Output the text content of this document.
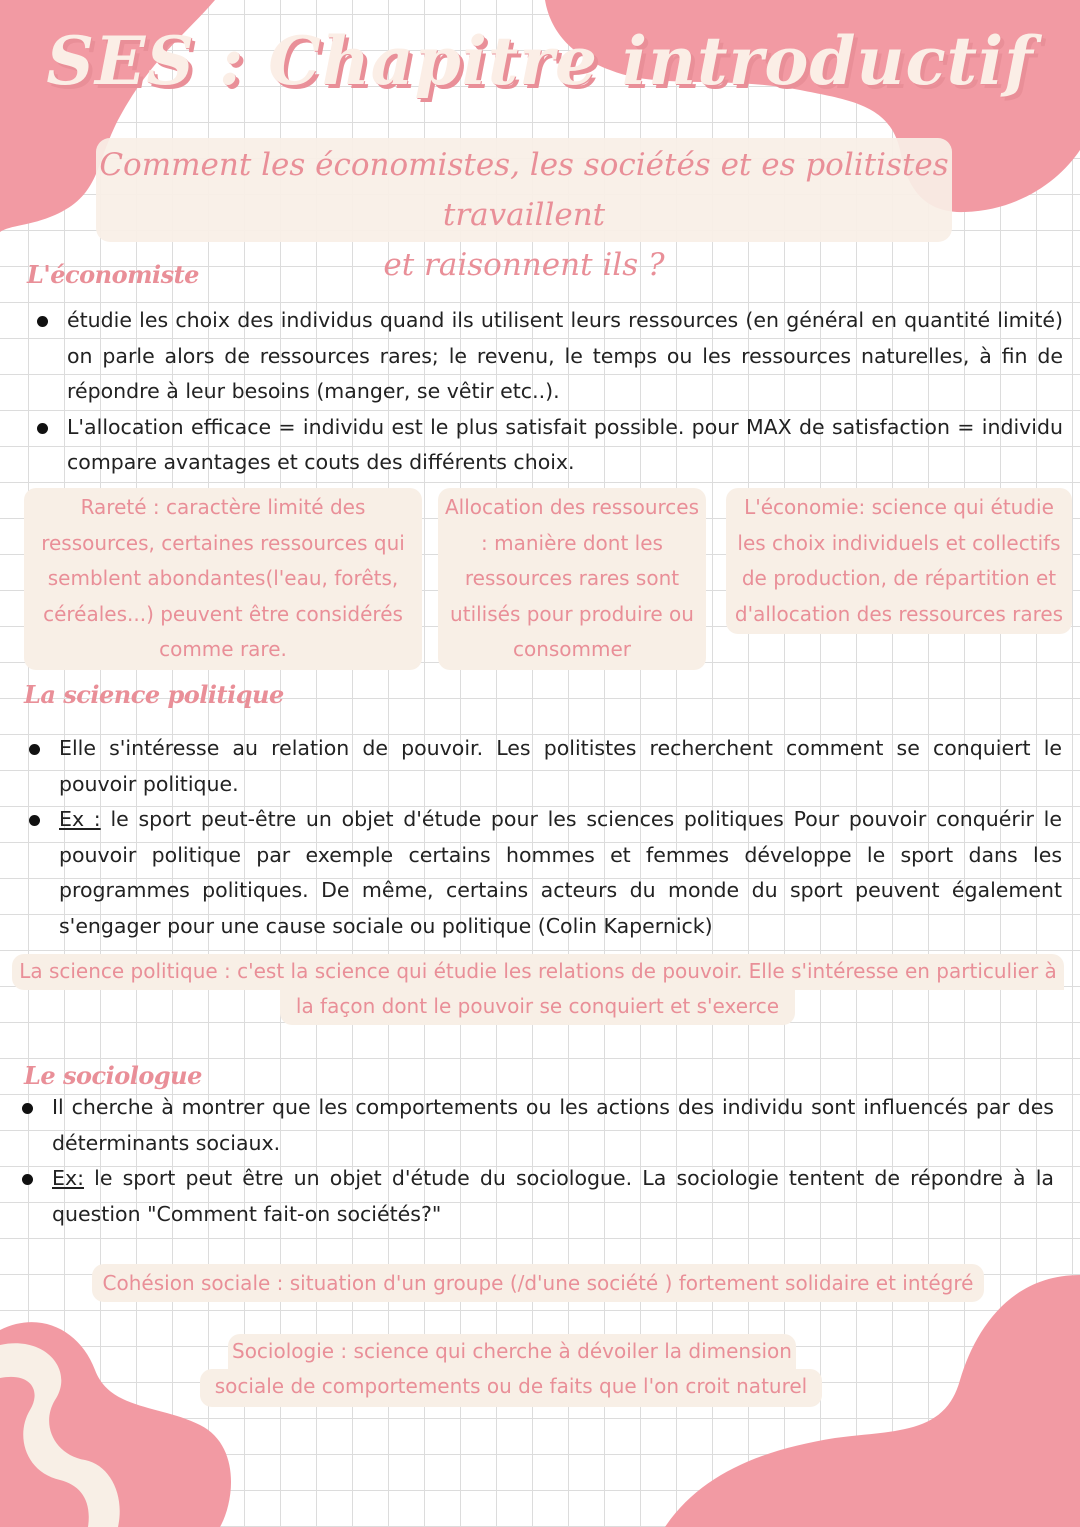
SES : Chapitre introductif
Comment les économistes, les sociétés et es politistes travaillent
et raisonnent ils ?
L'économiste
étudie les choix des individus quand ils utilisent leurs ressources (en général en quantité limité) on parle alors de ressources rares; le revenu, le temps ou les ressources naturelles, à fin de répondre à leur besoins (manger, se vêtir etc..).
L'allocation efficace = individu est le plus satisfait possible. pour MAX de satisfaction = individu compare avantages et couts des différents choix.
Rareté : caractère limité des ressources, certaines ressources qui semblent abondantes(l'eau, forêts, céréales...) peuvent être considérés comme rare.
Allocation des ressources : manière dont les ressources rares sont utilisés pour produire ou consommer
L'économie: science qui étudie les choix individuels et collectifs de production, de répartition et d'allocation des ressources rares
La science politique
Elle s'intéresse au relation de pouvoir. Les politistes recherchent comment se conquiert le pouvoir politique.
Ex : le sport peut-être un objet d'étude pour les sciences politiques Pour pouvoir conquérir le pouvoir politique par exemple certains hommes et femmes développe le sport dans les programmes politiques. De même, certains acteurs du monde du sport peuvent également s'engager pour une cause sociale ou politique (Colin Kapernick)
La science politique : c'est la science qui étudie les relations de pouvoir. Elle s'intéresse en particulier à
la façon dont le pouvoir se conquiert et s'exerce
Le sociologue
Il cherche à montrer que les comportements ou les actions des individu sont influencés par des déterminants sociaux.
Ex: le sport peut être un objet d'étude du sociologue. La sociologie tentent de répondre à la question "Comment fait-on sociétés?"
Cohésion sociale : situation d'un groupe (/d'une société ) fortement solidaire et intégré
Sociologie : science qui cherche à dévoiler la dimension
sociale de comportements ou de faits que l'on croit naturel
